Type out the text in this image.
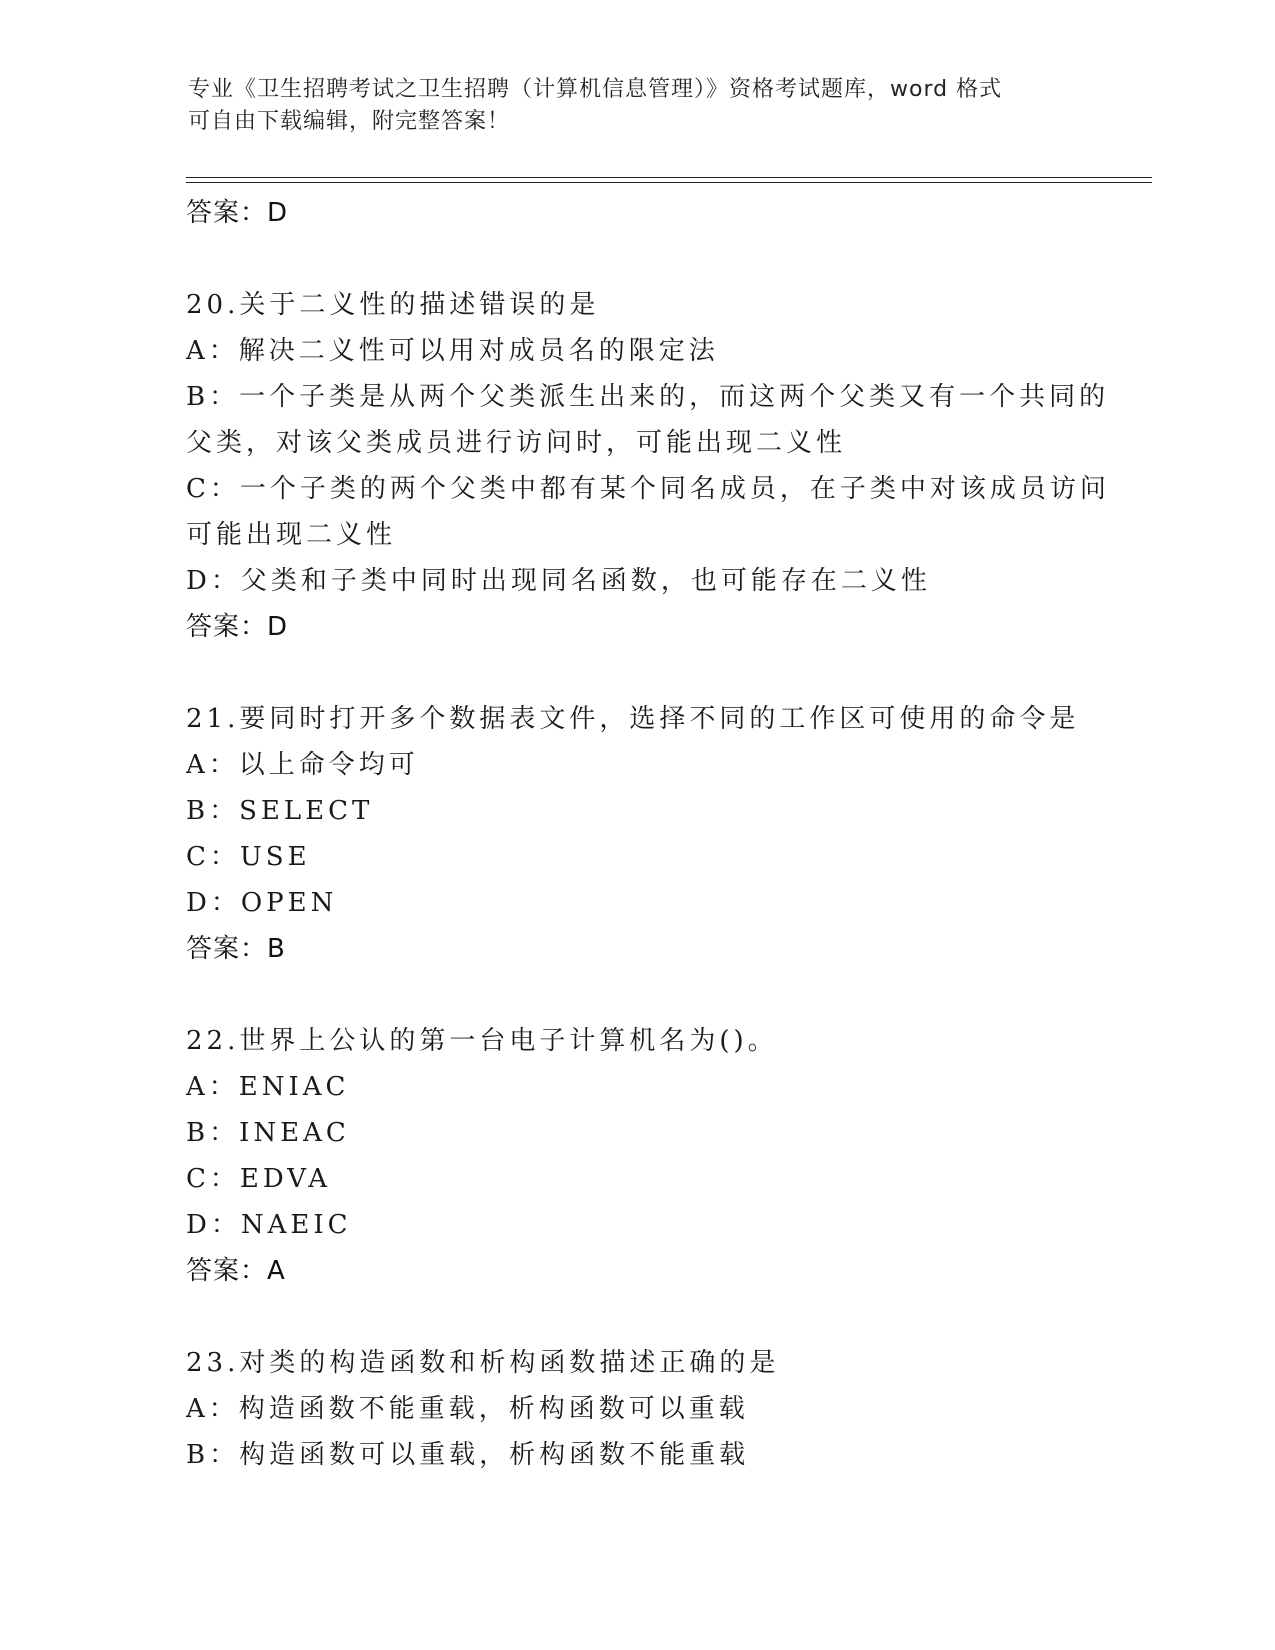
专业《卫生招聘考试之卫生招聘（计算机信息管理）》资格考试题库，word 格式
可自由下载编辑，附完整答案！
答案：D
20.关于二义性的描述错误的是
A：解决二义性可以用对成员名的限定法
B：一个子类是从两个父类派生出来的，而这两个父类又有一个共同的
父类，对该父类成员进行访问时，可能出现二义性
C：一个子类的两个父类中都有某个同名成员，在子类中对该成员访问
可能出现二义性
D：父类和子类中同时出现同名函数，也可能存在二义性
答案：D
21.要同时打开多个数据表文件，选择不同的工作区可使用的命令是
A：以上命令均可
B：SELECT
C：USE
D：OPEN
答案：B
22.世界上公认的第一台电子计算机名为()。
A：ENIAC
B：INEAC
C：EDVA
D：NAEIC
答案：A
23.对类的构造函数和析构函数描述正确的是
A：构造函数不能重载，析构函数可以重载
B：构造函数可以重载，析构函数不能重载
